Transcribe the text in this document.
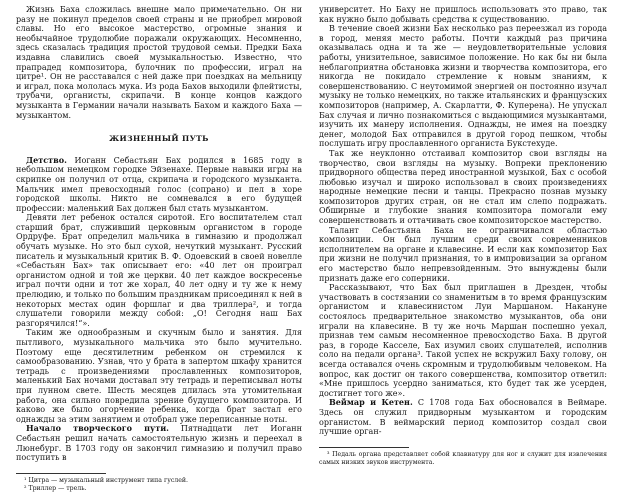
Жизнь Баха сложилась внешне мало примечательно. Он ни разу не покинул пределов своей страны и не приобрел мировой славы. Но его высокое мастерство, огромные знания и необычайное трудолюбие поражали окружающих. Несомненно, здесь сказалась традиция простой трудовой семьи. Предки Баха издавна славились своей музыкальностью. Известно, что прапрадед композитора, булочник по профессии, играл на цитре¹. Он не расставался с ней даже при поездках на мельницу и играл, пока мололась мука. Из рода Бахов выходили флейтисты, трубачи, органисты, скрипачи. В конце концов каждого музыканта в Германии начали называть Бахом и каждого Баха — музыкантом.

ЖИЗНЕННЫЙ ПУТЬ

Детство. Иоганн Себастьян Бах родился в 1685 году в небольшом немецком городке Эйзенахе. Первые навыки игры на скрипке он получил от отца, скрипача и городского музыканта. Мальчик имел превосходный голос (сопрано) и пел в хоре городской школы. Никто не сомневался в его будущей профессии: маленький Бах должен был стать музыкантом.

Девяти лет ребенок остался сиротой. Его воспитателем стал старший брат, служивший церковным органистом в городе Ордруфе. Брат определил мальчика в гимназию и продолжал обучать музыке. Но это был сухой, нечуткий музыкант. Русский писатель и музыкальный критик В. Ф. Одоевский в своей новелле «Себастьян Бах» так описывает его: «40 лет он проиграл органистом одной и той же церкви. 40 лет каждое воскресенье играл почти одни и тот же хорал, 40 лет одну и ту же к нему прелюдию, и только по большим праздникам присоединял к ней в некоторых местах один форшлаг и два триллера², и тогда слушатели говорили между собой: „О! Сегодня наш Бах разгорячился!“».

Таким же однообразным и скучным было и занятия. Для пытливого, музыкального мальчика это было мучительно. Поэтому еще десятилетним ребенком он стремился к самообразованию. Узнав, что у брата в запертом шкафу хранится тетрадь с произведениями прославленных композиторов, маленький Бах ночами доставал эту тетрадь и переписывал ноты при лунном свете. Шесть месяцев длилась эта утомительная работа, она сильно повредила зрение будущего композитора. И каково же было огорчение ребенка, когда брат застал его однажды за этим занятием и отобрал уже переписанные ноты.

Начало творческого пути. Пятнадцати лет Иоганн Себастьян решил начать самостоятельную жизнь и переехал в Люнебург. В 1703 году он закончил гимназию и получил право поступить в

¹ Цитра — музыкальный инструмент типа гуслей.

² Триллер — трель.

университет. Но Баху не пришлось использовать это право, так как нужно было добывать средства к существованию.

В течение своей жизни Бах несколько раз переезжал из города в город, меняя место работы. Почти каждый раз причина оказывалась одна и та же — неудовлетворительные условия работы, унизительное, зависимое положение. Но как бы ни была неблагоприятна обстановка жизни и творчества композитора, его никогда не покидало стремление к новым знаниям, к совершенствованию. С неутомимой энергией он постоянно изучал музыку не только немецких, но также итальянских и французских композиторов (например, А. Скарлатти, Ф. Куперена). Не упускал Бах случая и лично познакомиться с выдающимися музыкантами, изучить их манеру исполнения. Однажды, не имея на поездку денег, молодой Бах отправился в другой город пешком, чтобы послушать игру прославленного органиста Букстехуде.

Так же неуклонно отстаивал композитор свои взгляды на творчество, свои взгляды на музыку. Вопреки преклонению придворного общества перед иностранной музыкой, Бах с особой любовью изучал и широко использовал в своих произведениях народные немецкие песни и танцы. Прекрасно познав музыку композиторов других стран, он не стал им слепо подражать. Обширные и глубокие знания композитора помогали ему совершенствовать и оттачивать свое композиторское мастерство.

Талант Себастьяна Баха не ограничивался областью композиции. Он был лучшим среди своих современников исполнителем на органе и клавесине. И если как композитор Бах при жизни не получил признания, то в импровизации за органом его мастерство было непревзойденным. Это вынуждены были признать даже его соперники.

Рассказывают, что Бах был приглашен в Дрезден, чтобы участвовать в состязании со знаменитым в то время французским органистом и клавесинистом Луи Маршаном. Накануне состоялось предварительное знакомство музыкантов, оба они играли на клавесине. В ту же ночь Маршан поспешно уехал, признав тем самым несомненное превосходство Баха. В другой раз, в городе Касселе, Бах изумил своих слушателей, исполнив соло на педали органа³. Такой успех не вскружил Баху голову, он всегда оставался очень скромным и трудолюбивым человеком. На вопрос, как достиг он такого совершенства, композитор ответил: «Мне пришлось усердно заниматься, кто будет так же усерден, достигнет того же».

Веймар и Кетен. С 1708 года Бах обосновался в Веймаре. Здесь он служил придворным музыкантом и городским органистом. В веймарский период композитор создал свои лучшие орган-

³ Педаль органа представляет собой клавиатуру для ног и служит для извлечения самых низких звуков инструмента.
